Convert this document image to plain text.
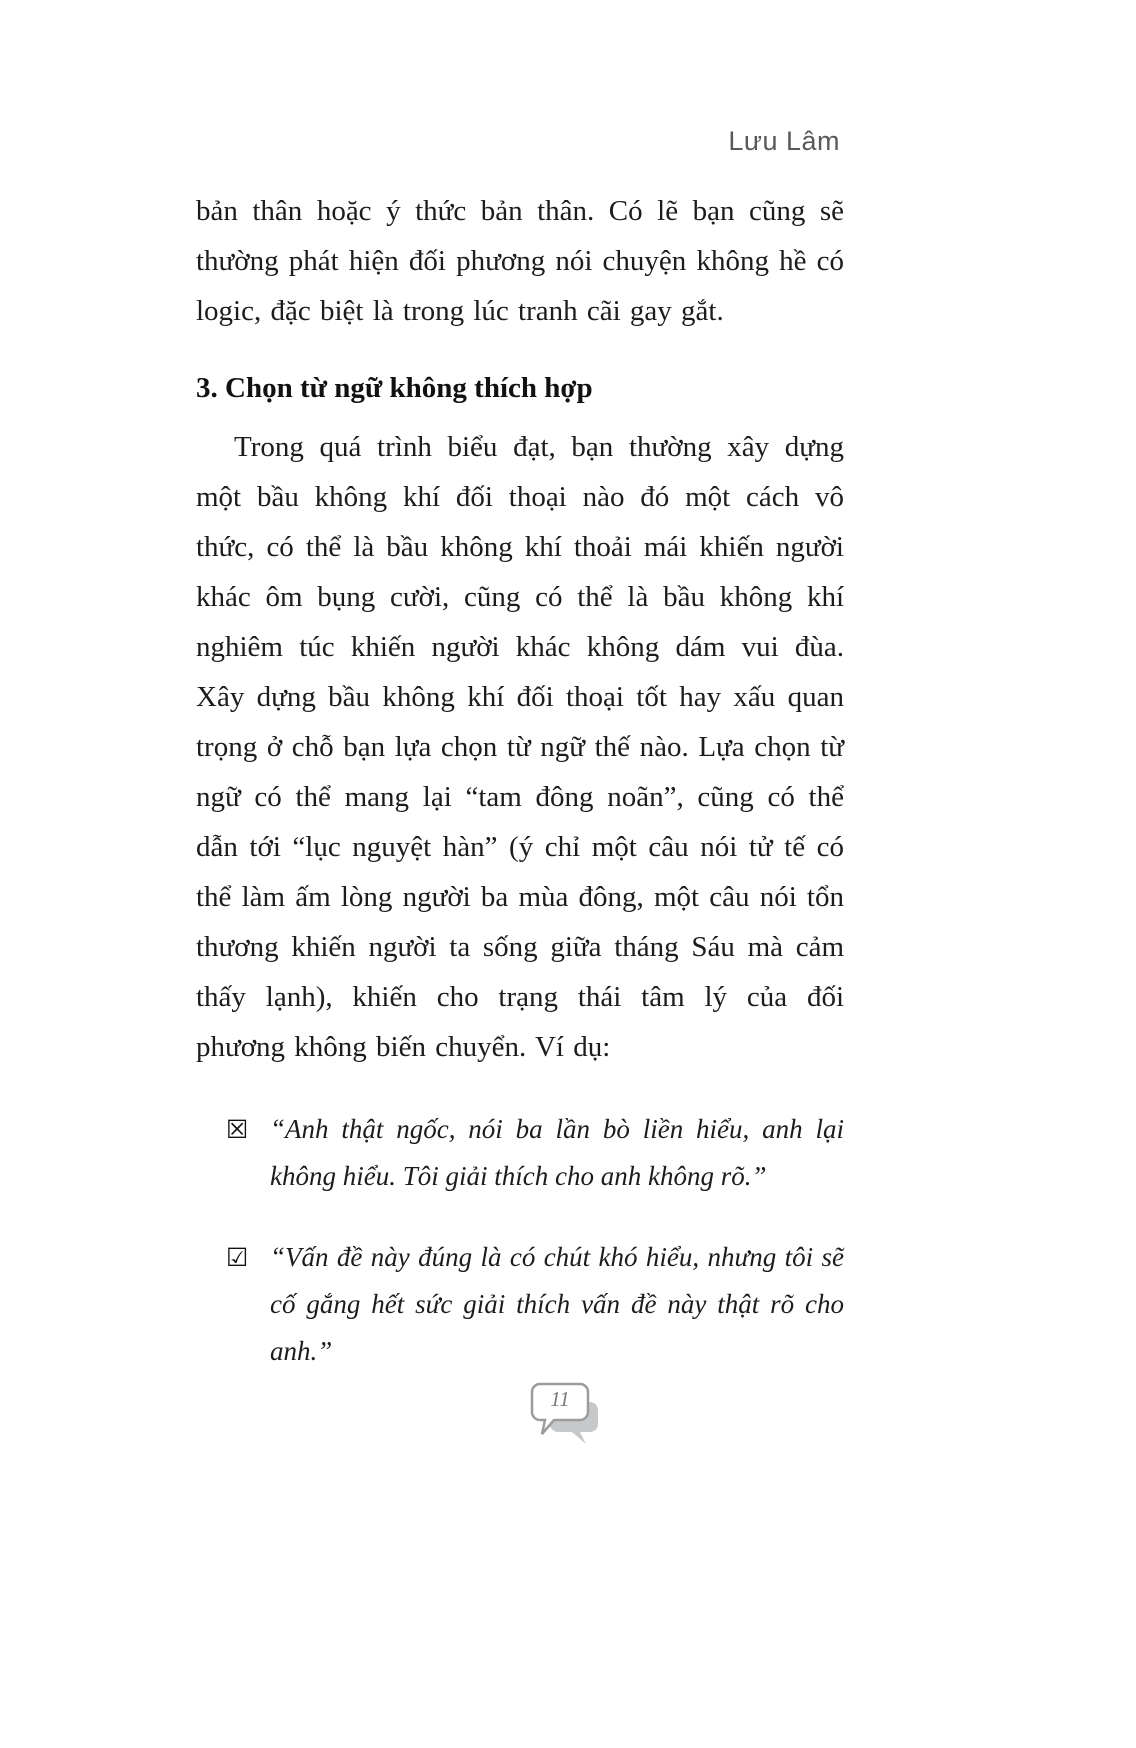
Lưu Lâm

bản thân hoặc ý thức bản thân. Có lẽ bạn cũng sẽ thường phát hiện đối phương nói chuyện không hề có logic, đặc biệt là trong lúc tranh cãi gay gắt.

3. Chọn từ ngữ không thích hợp

Trong quá trình biểu đạt, bạn thường xây dựng một bầu không khí đối thoại nào đó một cách vô thức, có thể là bầu không khí thoải mái khiến người khác ôm bụng cười, cũng có thể là bầu không khí nghiêm túc khiến người khác không dám vui đùa. Xây dựng bầu không khí đối thoại tốt hay xấu quan trọng ở chỗ bạn lựa chọn từ ngữ thế nào. Lựa chọn từ ngữ có thể mang lại “tam đông noãn”, cũng có thể dẫn tới “lục nguyệt hàn” (ý chỉ một câu nói tử tế có thể làm ấm lòng người ba mùa đông, một câu nói tổn thương khiến người ta sống giữa tháng Sáu mà cảm thấy lạnh), khiến cho trạng thái tâm lý của đối phương không biến chuyển. Ví dụ:

☒ “Anh thật ngốc, nói ba lần bò liền hiểu, anh lại không hiểu. Tôi giải thích cho anh không rõ.”

☑ “Vấn đề này đúng là có chút khó hiểu, nhưng tôi sẽ cố gắng hết sức giải thích vấn đề này thật rõ cho anh.”

11
